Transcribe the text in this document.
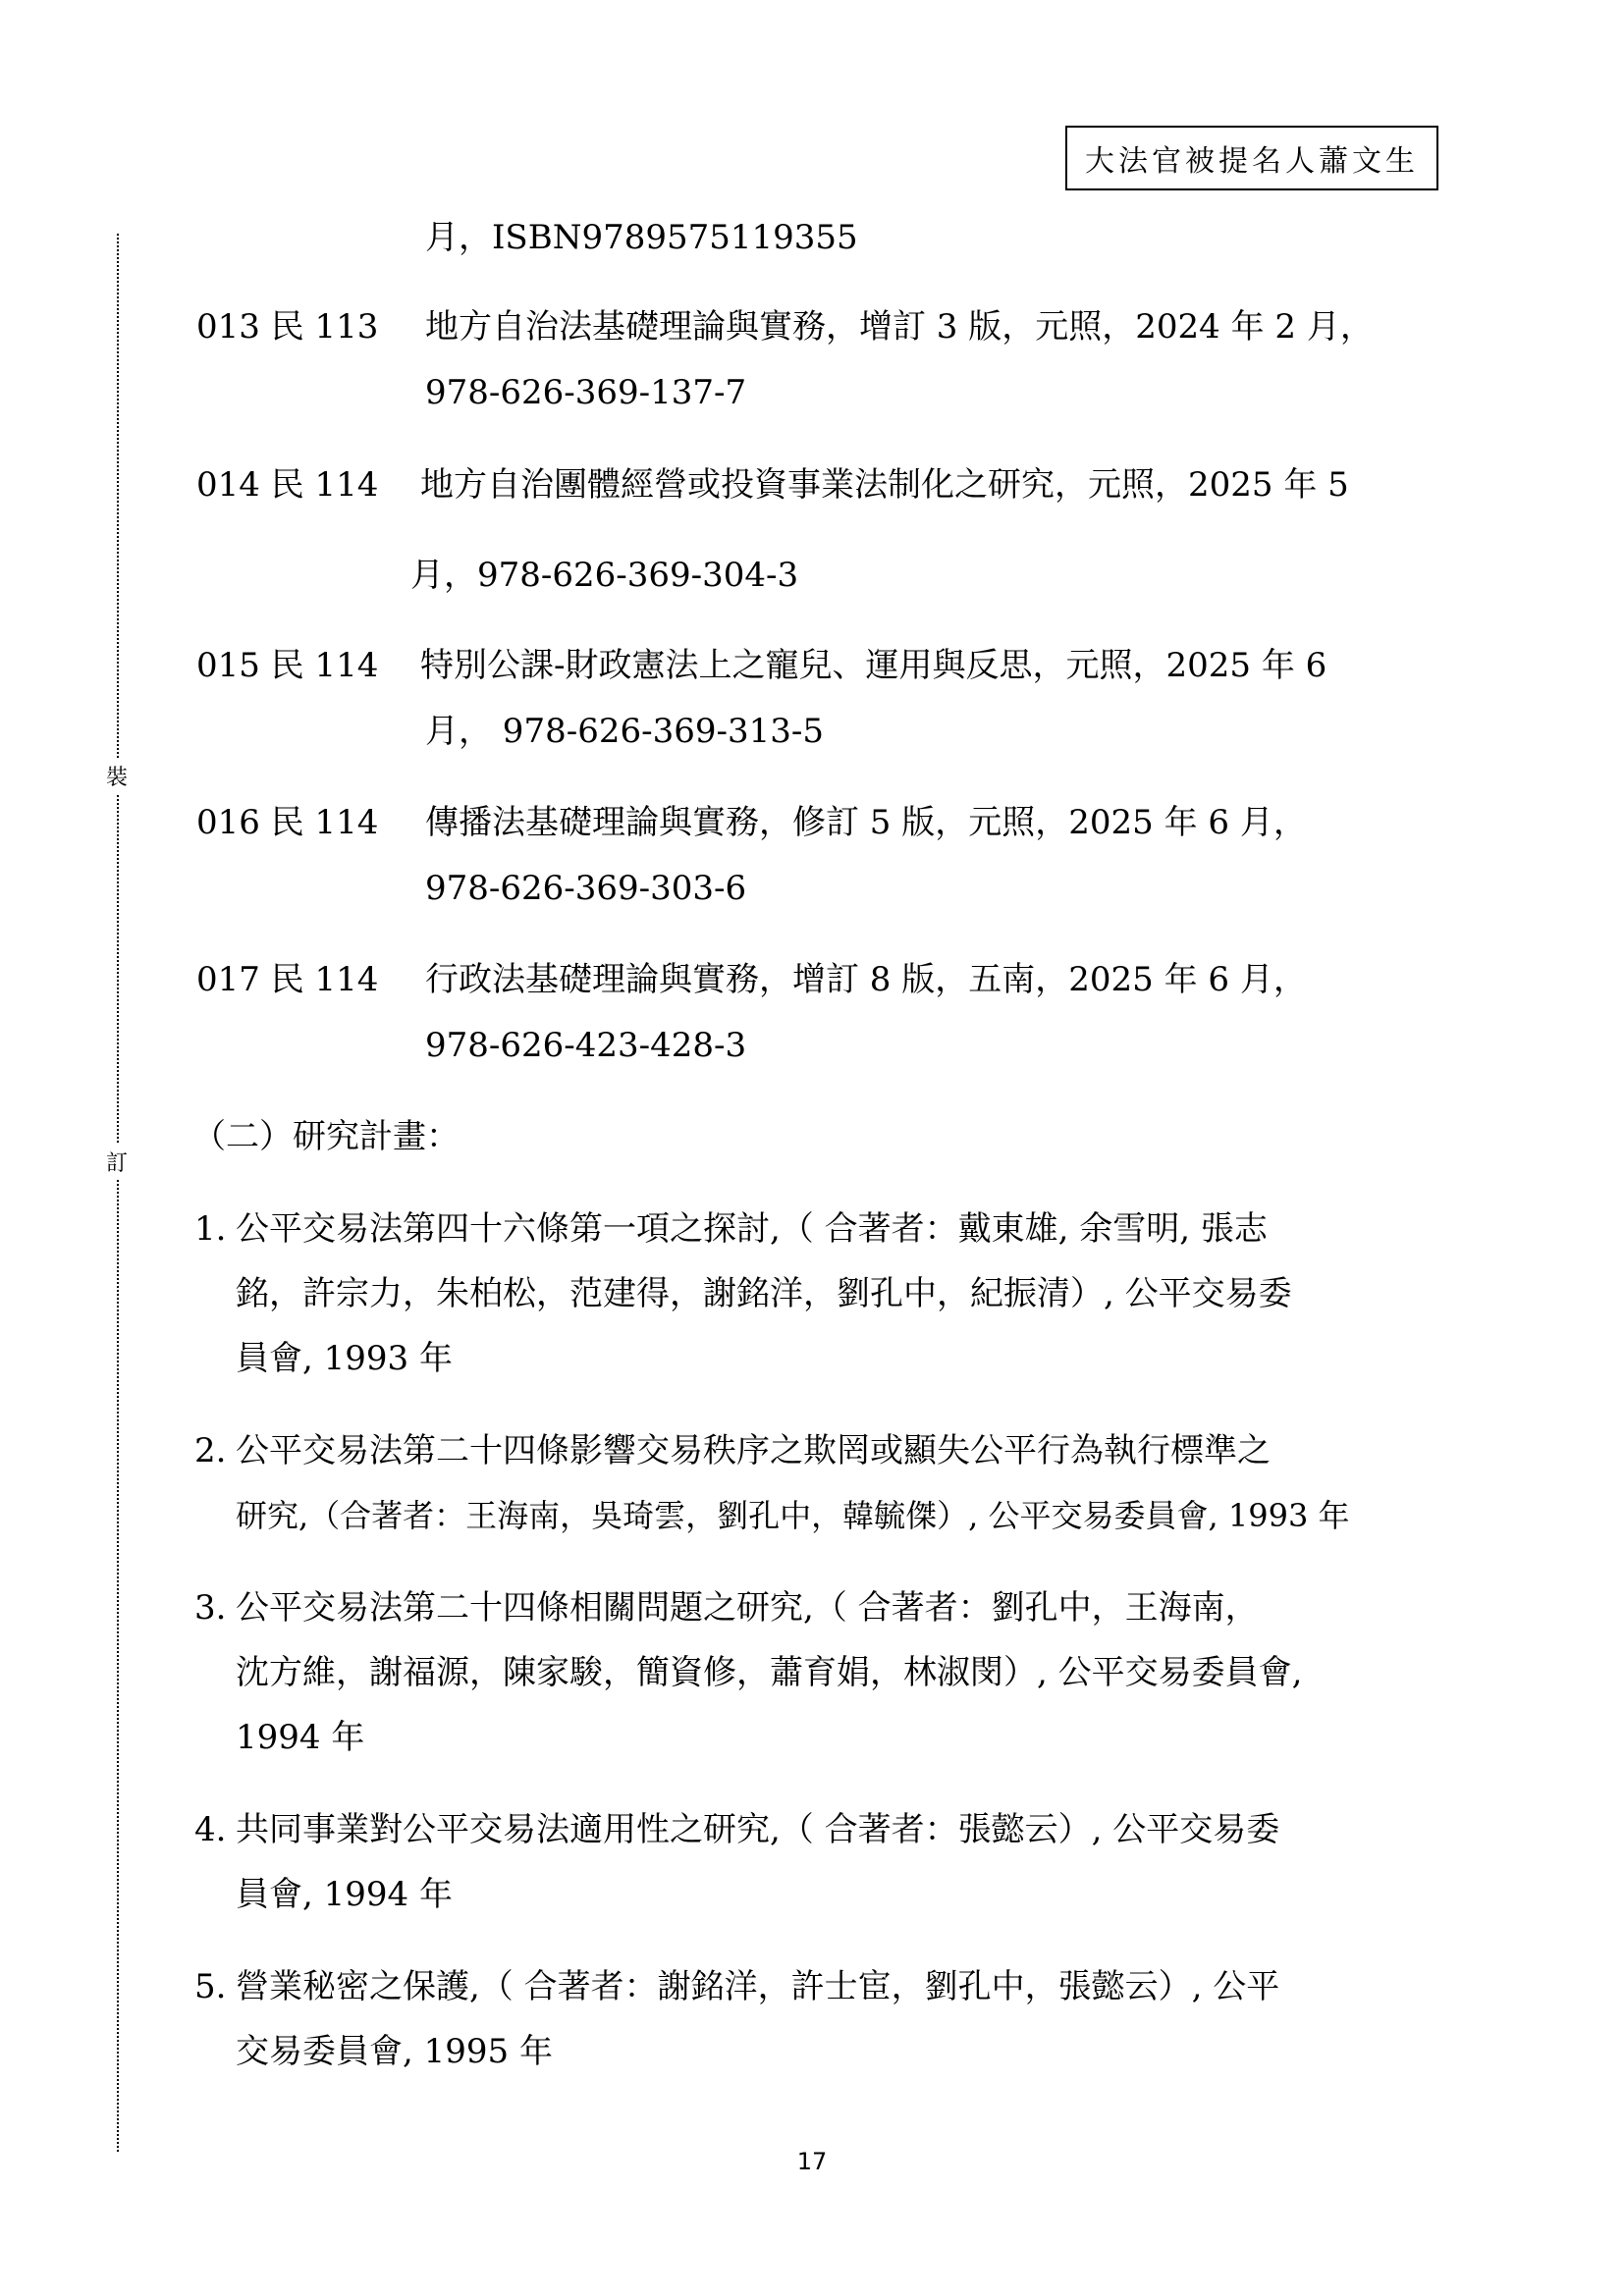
大法官被提名人蕭文生
裝
訂
月，ISBN9789575119355
013 民 113 地方自治法基礎理論與實務，增訂 3 版，元照，2024 年 2 月，
978-626-369-137-7
014 民 114 地方自治團體經營或投資事業法制化之研究，元照，2025 年 5
月，978-626-369-304-3
015 民 114 特別公課-財政憲法上之寵兒、運用與反思，元照，2025 年 6
月， 978-626-369-313-5
016 民 114 傳播法基礎理論與實務，修訂 5 版，元照，2025 年 6 月，
978-626-369-303-6
017 民 114 行政法基礎理論與實務，增訂 8 版，五南，2025 年 6 月，
978-626-423-428-3
（二）研究計畫：
1. 公平交易法第四十六條第一項之探討,（ 合著者：戴東雄, 余雪明, 張志
銘，許宗力，朱柏松，范建得，謝銘洋，劉孔中，紀振清）, 公平交易委
員會, 1993 年
2. 公平交易法第二十四條影響交易秩序之欺罔或顯失公平行為執行標準之
研究,（合著者：王海南，吳琦雲，劉孔中，韓毓傑）, 公平交易委員會, 1993 年
3. 公平交易法第二十四條相關問題之研究,（ 合著者：劉孔中，王海南，
沈方維，謝福源，陳家駿，簡資修，蕭育娟，林淑閔）, 公平交易委員會,
1994 年
4. 共同事業對公平交易法適用性之研究,（ 合著者：張懿云）, 公平交易委
員會, 1994 年
5. 營業秘密之保護,（ 合著者：謝銘洋，許士宦，劉孔中，張懿云）, 公平
交易委員會, 1995 年
17
